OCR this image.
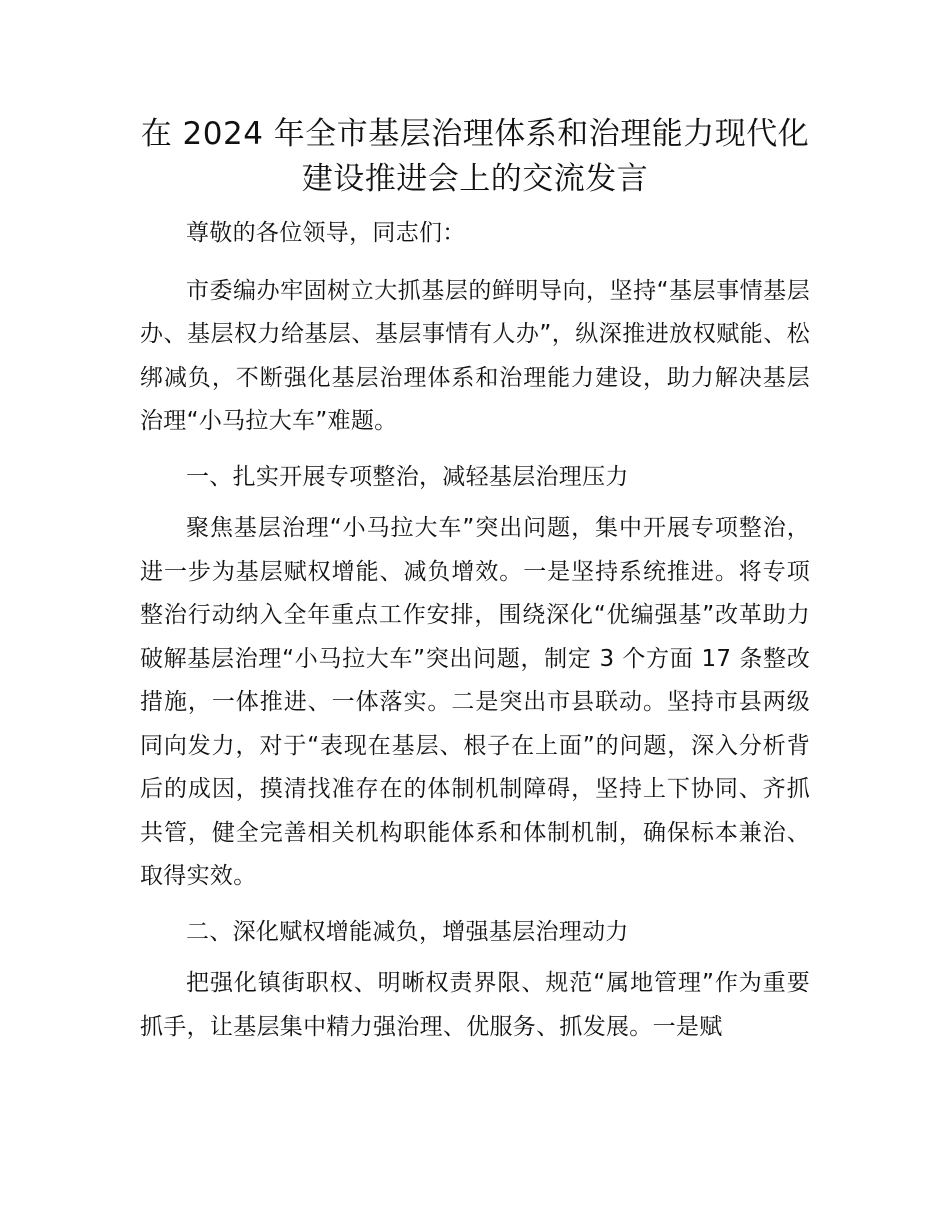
在 2024 年全市基层治理体系和治理能力现代化建设推进会上的交流发言

尊敬的各位领导，同志们：

市委编办牢固树立大抓基层的鲜明导向，坚持“基层事情基层办、基层权力给基层、基层事情有人办”，纵深推进放权赋能、松绑减负，不断强化基层治理体系和治理能力建设，助力解决基层治理“小马拉大车”难题。

一、扎实开展专项整治，减轻基层治理压力

聚焦基层治理“小马拉大车”突出问题，集中开展专项整治，进一步为基层赋权增能、减负增效。一是坚持系统推进。将专项整治行动纳入全年重点工作安排，围绕深化“优编强基”改革助力破解基层治理“小马拉大车”突出问题，制定 3 个方面 17 条整改措施，一体推进、一体落实。二是突出市县联动。坚持市县两级同向发力，对于“表现在基层、根子在上面”的问题，深入分析背后的成因，摸清找准存在的体制机制障碍，坚持上下协同、齐抓共管，健全完善相关机构职能体系和体制机制，确保标本兼治、取得实效。

二、深化赋权增能减负，增强基层治理动力

把强化镇街职权、明晰权责界限、规范“属地管理”作为重要抓手，让基层集中精力强治理、优服务、抓发展。一是赋
